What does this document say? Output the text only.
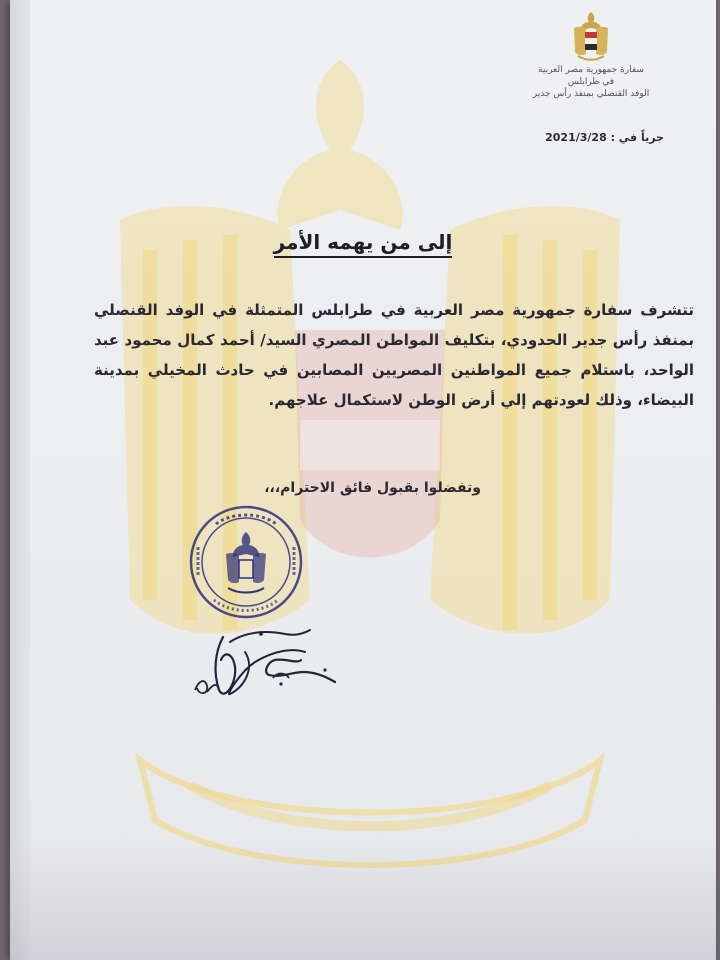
سفارة جمهورية مصر العربية
في طرابلس
الوفد القنصلي بمنفذ رأس جدير
جرياً في : 2021/3/28
إلى من يهمه الأمر
تتشرف سفارة جمهورية مصر العربية في طرابلس المتمثلة في الوفد القنصلي بمنفذ رأس جدير الحدودي، بتكليف المواطن المصري السيد/ أحمد كمال محمود عبد الواحد، باستلام جميع المواطنين المصريين المصابين في حادث المخيلي بمدينة البيضاء، وذلك لعودتهم إلي أرض الوطن لاستكمال علاجهم.
وتفضلوا بقبول فائق الاحترام،،،
